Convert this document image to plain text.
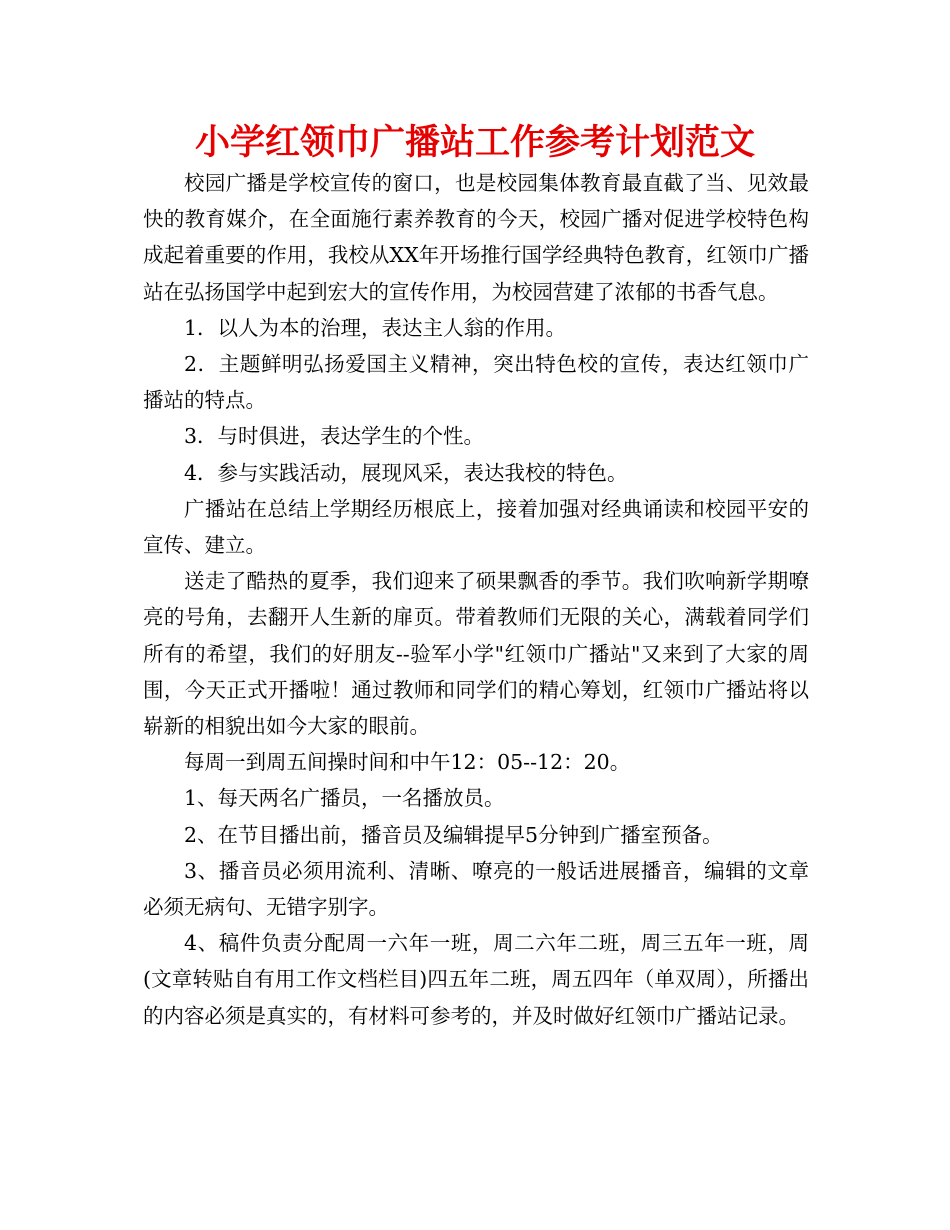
小学红领巾广播站工作参考计划范文

校园广播是学校宣传的窗口，也是校园集体教育最直截了当、见效最快的教育媒介，在全面施行素养教育的今天，校园广播对促进学校特色构成起着重要的作用，我校从XX年开场推行国学经典特色教育，红领巾广播站在弘扬国学中起到宏大的宣传作用，为校园营建了浓郁的书香气息。

1．以人为本的治理，表达主人翁的作用。

2．主题鲜明弘扬爱国主义精神，突出特色校的宣传，表达红领巾广播站的特点。

3．与时俱进，表达学生的个性。

4．参与实践活动，展现风采，表达我校的特色。

广播站在总结上学期经历根底上，接着加强对经典诵读和校园平安的宣传、建立。

送走了酷热的夏季，我们迎来了硕果飘香的季节。我们吹响新学期嘹亮的号角，去翻开人生新的扉页。带着教师们无限的关心，满载着同学们所有的希望，我们的好朋友--验军小学"红领巾广播站"又来到了大家的周围，今天正式开播啦！通过教师和同学们的精心筹划，红领巾广播站将以崭新的相貌出如今大家的眼前。

每周一到周五间操时间和中午12：05--12：20。

1、每天两名广播员，一名播放员。

2、在节目播出前，播音员及编辑提早5分钟到广播室预备。

3、播音员必须用流利、清晰、嘹亮的一般话进展播音，编辑的文章必须无病句、无错字别字。

4、稿件负责分配周一六年一班，周二六年二班，周三五年一班，周(文章转贴自有用工作文档栏目)四五年二班，周五四年（单双周），所播出的内容必须是真实的，有材料可参考的，并及时做好红领巾广播站记录。
